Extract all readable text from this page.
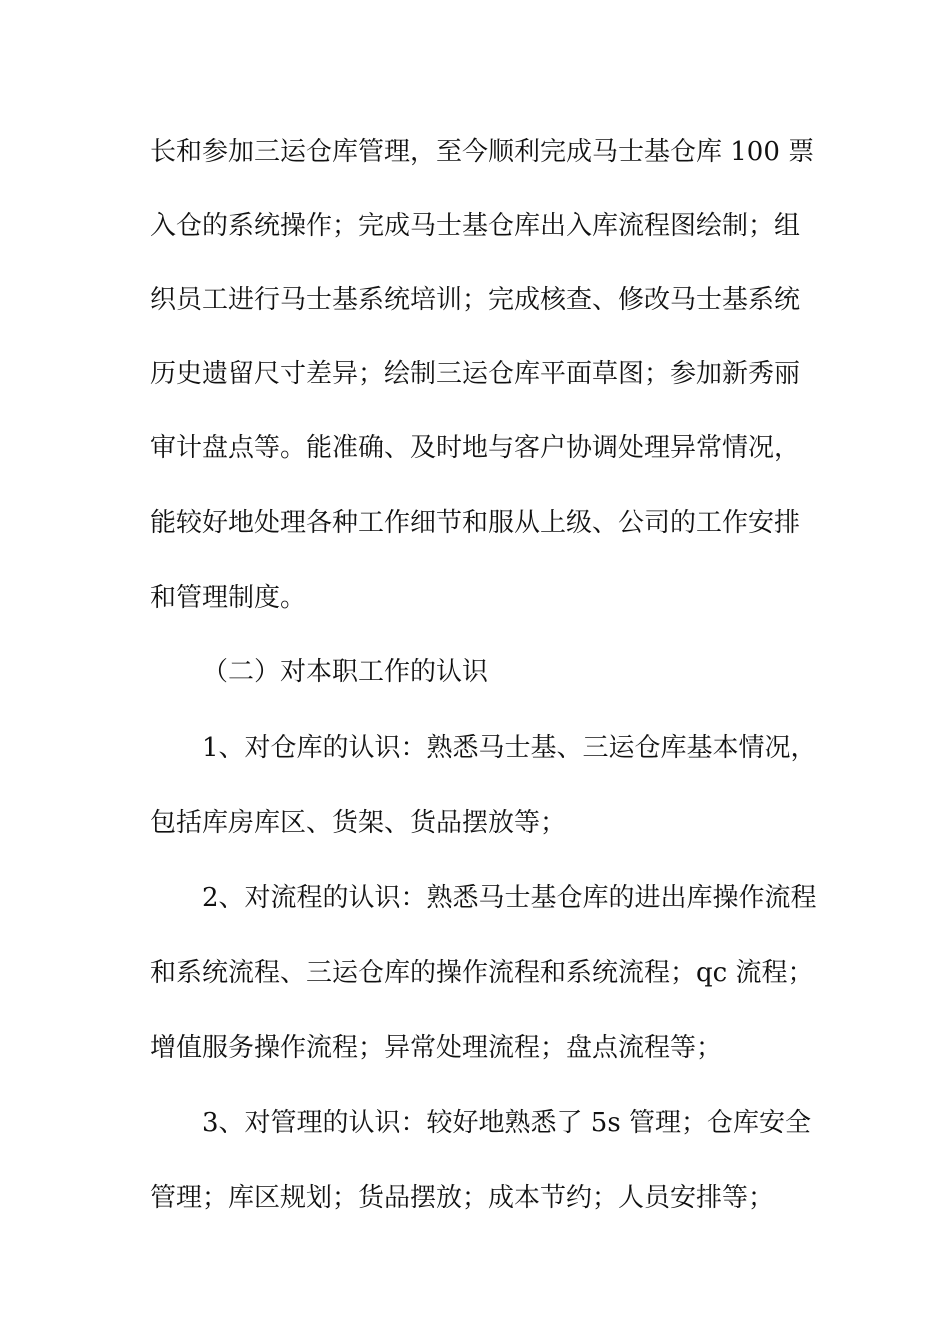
长和参加三运仓库管理，至今顺利完成马士基仓库 100 票
入仓的系统操作；完成马士基仓库出入库流程图绘制；组
织员工进行马士基系统培训；完成核查、修改马士基系统
历史遗留尺寸差异；绘制三运仓库平面草图；参加新秀丽
审计盘点等。能准确、及时地与客户协调处理异常情况，
能较好地处理各种工作细节和服从上级、公司的工作安排
和管理制度。
（二）对本职工作的认识
1、对仓库的认识：熟悉马士基、三运仓库基本情况，
包括库房库区、货架、货品摆放等；
2、对流程的认识：熟悉马士基仓库的进出库操作流程
和系统流程、三运仓库的操作流程和系统流程；qc 流程；
增值服务操作流程；异常处理流程；盘点流程等；
3、对管理的认识：较好地熟悉了 5s 管理；仓库安全
管理；库区规划；货品摆放；成本节约；人员安排等；
